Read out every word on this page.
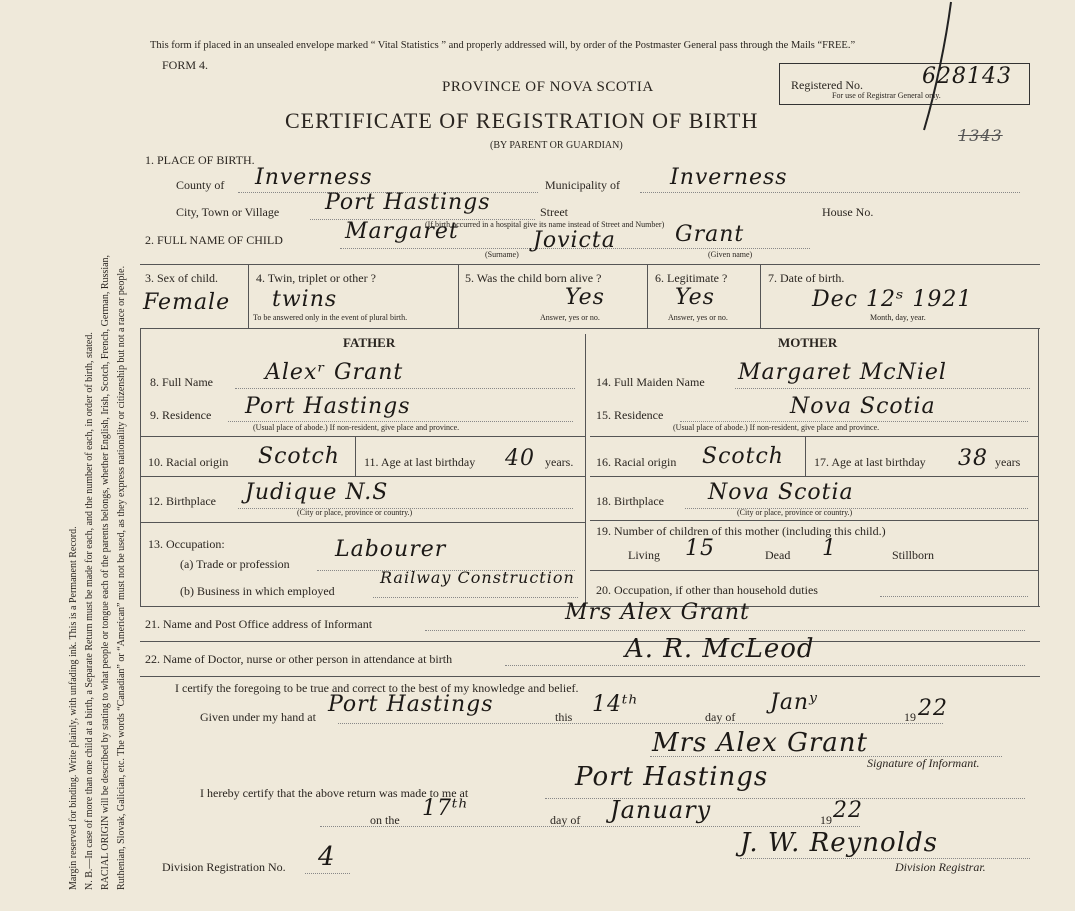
Margin reserved for binding. Write plainly, with unfading ink. This is a Permanent Record. N. B.—In case of more than one child at a birth, a Separate Return must be made for each, and the number of each, in order of birth, stated. RACIAL ORIGIN will be described by stating to what people or tongue each of the parents belongs, whether English, Irish, Scotch, French, German, Russian, Ruthenian, Slovak, Galician, etc. The words “Canadian” or “American” must not be used, as they express nationality or citizenship but not a race or people.
This form if placed in an unsealed envelope marked “ Vital Statistics ” and properly addressed will, by order of the Postmaster General pass through the Mails “FREE.”
FORM 4.
PROVINCE OF NOVA SCOTIA
CERTIFICATE OF REGISTRATION OF BIRTH
(BY PARENT OR GUARDIAN)
Registered No.	628143
For use of Registrar General only.
1343
1. PLACE OF BIRTH.
County of Inverness	Municipality of Inverness
City, Town or Village Port Hastings	Street	House No.
(If birth occurred in a hospital give its name instead of Street and Number)
2. FULL NAME OF CHILD	Margaret	Jovicta	Grant
(Surname)	(Given name)
3. Sex of child.
Female
4. Twin, triplet or other ?
twins
To be answered only in the event of plural birth.
5. Was the child born alive ?
Yes
Answer, yes or no.
6. Legitimate ?
Yes
Answer, yes or no.
7. Date of birth.
Dec 12ˢ 1921
Month, day, year.
FATHER	MOTHER
8. Full Name Alexʳ Grant
9. Residence Port Hastings
(Usual place of abode.) If non-resident, give place and province.
10. Racial origin Scotch 11. Age at last birthday 40 years.
12. Birthplace Judique N.S
(City or place, province or country.)
13. Occupation:
(a) Trade or profession
Labourer
(b) Business in which employed
Railway Construction
14. Full Maiden Name Margaret McNiel
15. Residence	Nova Scotia
(Usual place of abode.) If non-resident, give place and province.
16. Racial origin Scotch	17. Age at last birthday 38 years
18. Birthplace Nova Scotia
(City or place, province or country.)
19. Number of children of this mother (including this child.)
Living 15	Dead 1	Stillborn
20. Occupation, if other than household duties
21. Name and Post Office address of Informant	Mrs Alex Grant
22. Name of Doctor, nurse or other person in attendance at birth	A. R. McLeod
I certify the foregoing to be true and correct to the best of my knowledge and belief.
Given under my hand at Port Hastings	this 14ᵗʰ	day of
Janʸ
19 22
Mrs Alex Grant
Signature of Informant.
I hereby certify that the above return was made to me at
Port Hastings
on the 17ᵗʰ	day of January	19 22
Division Registration No. 4	J. W. Reynolds
Division Registrar.
